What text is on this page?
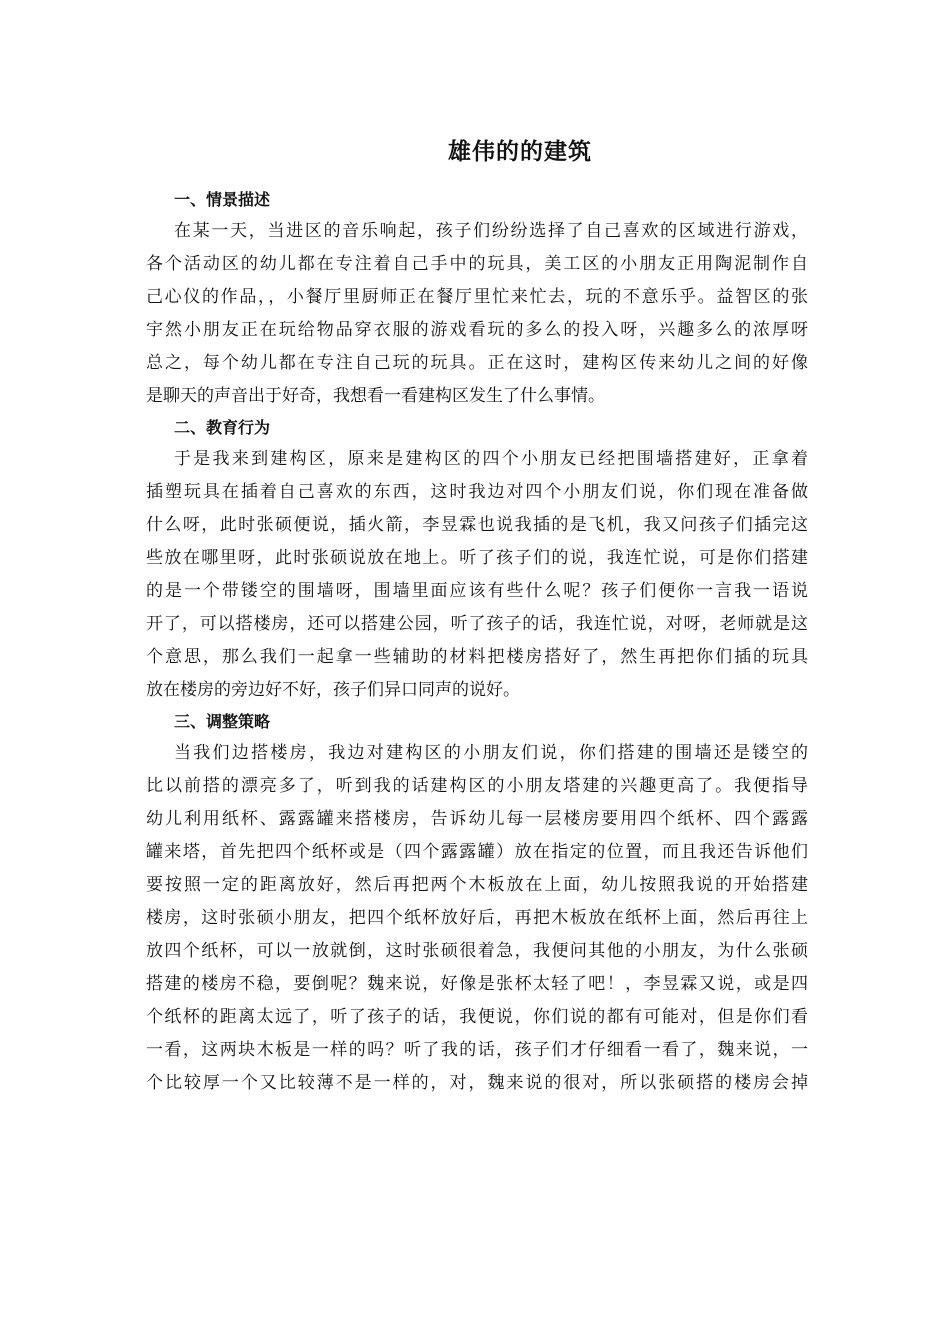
雄伟的的建筑
一、情景描述
在某一天，当进区的音乐响起，孩子们纷纷选择了自己喜欢的区域进行游戏，
各个活动区的幼儿都在专注着自己手中的玩具，美工区的小朋友正用陶泥制作自
己心仪的作品，，小餐厅里厨师正在餐厅里忙来忙去，玩的不意乐乎。益智区的张
宇然小朋友正在玩给物品穿衣服的游戏看玩的多么的投入呀，兴趣多么的浓厚呀
总之，每个幼儿都在专注自己玩的玩具。正在这时，建构区传来幼儿之间的好像
是聊天的声音出于好奇，我想看一看建构区发生了什么事情。
二、教育行为
于是我来到建构区，原来是建构区的四个小朋友已经把围墙搭建好，正拿着
插塑玩具在插着自己喜欢的东西，这时我边对四个小朋友们说，你们现在准备做
什么呀，此时张硕便说，插火箭，李昱霖也说我插的是飞机，我又问孩子们插完这
些放在哪里呀，此时张硕说放在地上。听了孩子们的说，我连忙说，可是你们搭建
的是一个带镂空的围墙呀，围墙里面应该有些什么呢？孩子们便你一言我一语说
开了，可以搭楼房，还可以搭建公园，听了孩子的话，我连忙说，对呀，老师就是这
个意思，那么我们一起拿一些辅助的材料把楼房搭好了，然生再把你们插的玩具
放在楼房的旁边好不好，孩子们异口同声的说好。
三、调整策略
当我们边搭楼房，我边对建构区的小朋友们说，你们搭建的围墙还是镂空的
比以前搭的漂亮多了，听到我的话建构区的小朋友塔建的兴趣更高了。我便指导
幼儿利用纸杯、露露罐来搭楼房，告诉幼儿每一层楼房要用四个纸杯、四个露露
罐来塔，首先把四个纸杯或是（四个露露罐）放在指定的位置，而且我还告诉他们
要按照一定的距离放好，然后再把两个木板放在上面，幼儿按照我说的开始搭建
楼房，这时张硕小朋友，把四个纸杯放好后，再把木板放在纸杯上面，然后再往上
放四个纸杯，可以一放就倒，这时张硕很着急，我便问其他的小朋友，为什么张硕
搭建的楼房不稳，要倒呢？魏来说，好像是张杯太轻了吧！，李昱霖又说，或是四
个纸杯的距离太远了，听了孩子的话，我便说，你们说的都有可能对，但是你们看
一看，这两块木板是一样的吗？听了我的话，孩子们才仔细看一看了，魏来说，一
个比较厚一个又比较薄不是一样的，对，魏来说的很对，所以张硕搭的楼房会掉
